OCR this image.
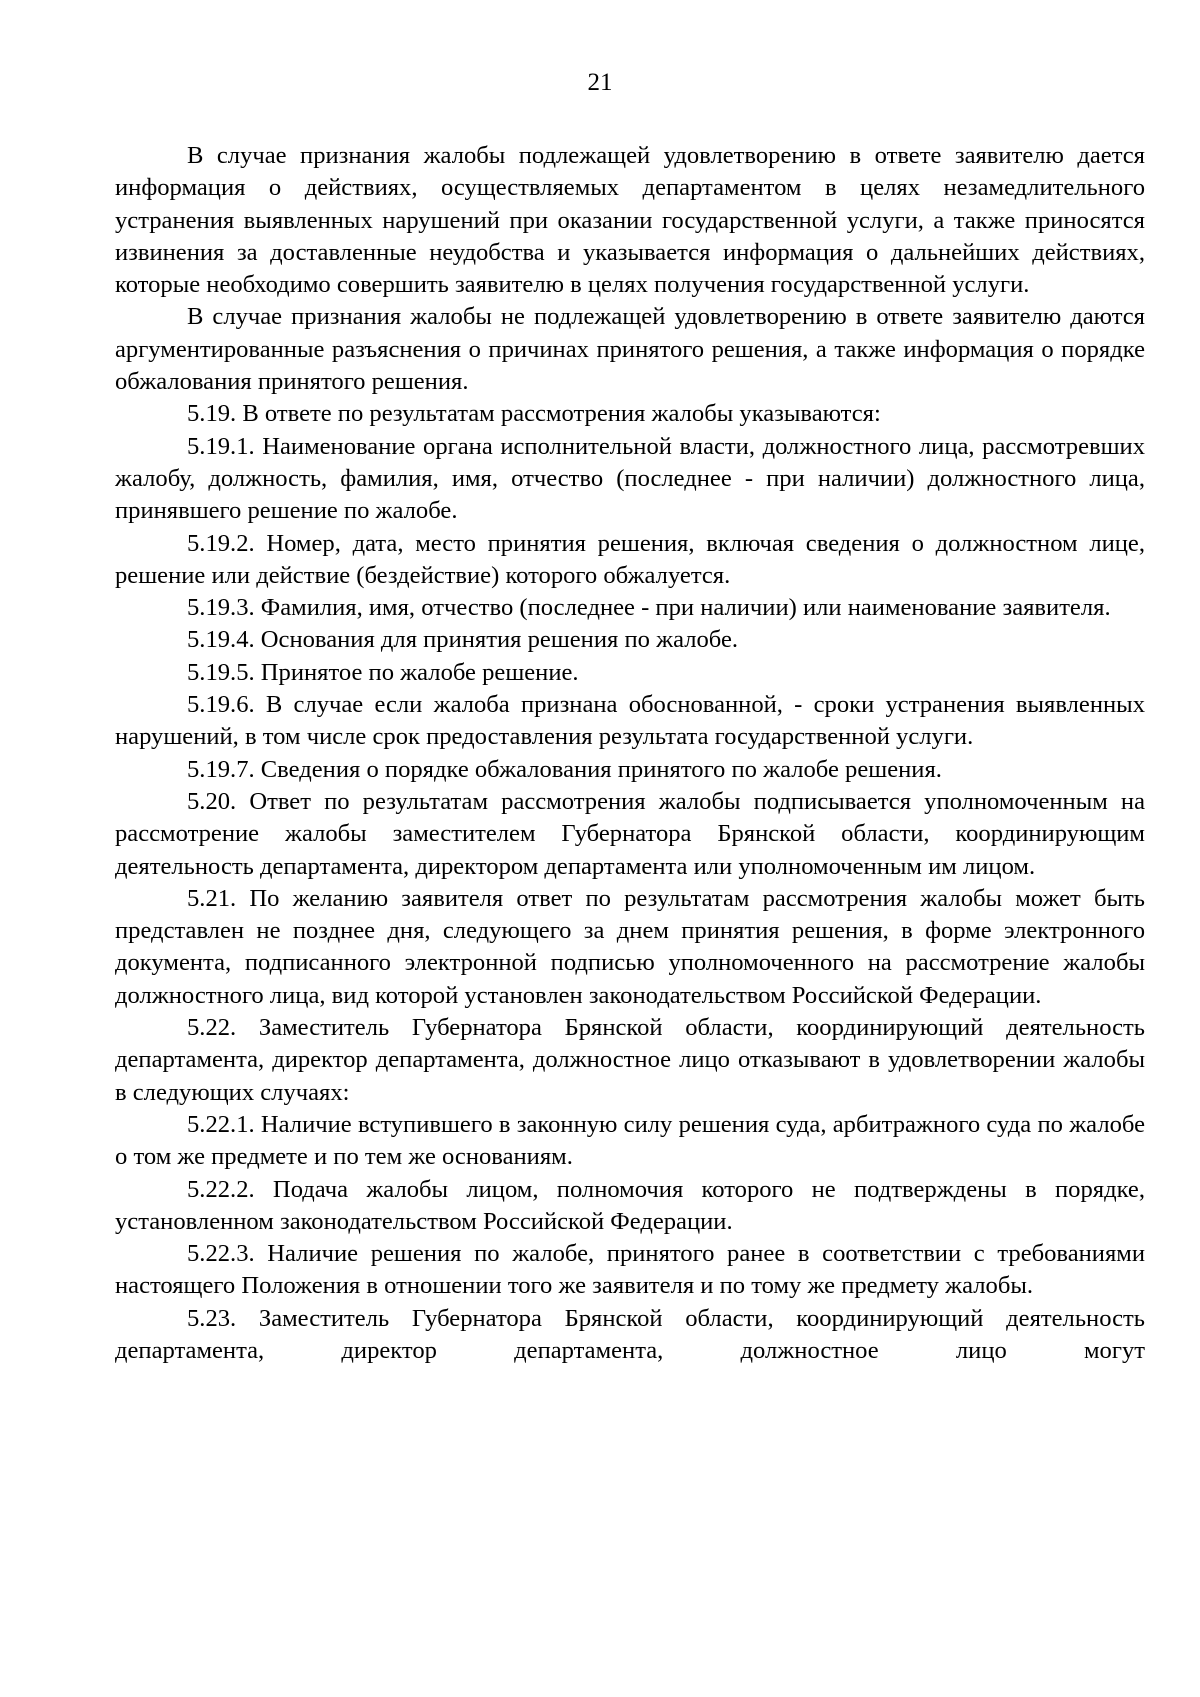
21

В случае признания жалобы подлежащей удовлетворению в ответе заявителю дается информация о действиях, осуществляемых департаментом в целях незамедлительного устранения выявленных нарушений при оказании государственной услуги, а также приносятся извинения за доставленные неудобства и указывается информация о дальнейших действиях, которые необходимо совершить заявителю в целях получения государственной услуги.

В случае признания жалобы не подлежащей удовлетворению в ответе заявителю даются аргументированные разъяснения о причинах принятого решения, а также информация о порядке обжалования принятого решения.

5.19. В ответе по результатам рассмотрения жалобы указываются:

5.19.1. Наименование органа исполнительной власти, должностного лица, рассмотревших жалобу, должность, фамилия, имя, отчество (последнее - при наличии) должностного лица, принявшего решение по жалобе.

5.19.2. Номер, дата, место принятия решения, включая сведения о должностном лице, решение или действие (бездействие) которого обжалуется.

5.19.3. Фамилия, имя, отчество (последнее - при наличии) или наименование заявителя.

5.19.4. Основания для принятия решения по жалобе.

5.19.5. Принятое по жалобе решение.

5.19.6. В случае если жалоба признана обоснованной, - сроки устранения выявленных нарушений, в том числе срок предоставления результата государственной услуги.

5.19.7. Сведения о порядке обжалования принятого по жалобе решения.

5.20. Ответ по результатам рассмотрения жалобы подписывается уполномоченным на рассмотрение жалобы заместителем Губернатора Брянской области, координирующим деятельность департамента, директором департамента или уполномоченным им лицом.

5.21. По желанию заявителя ответ по результатам рассмотрения жалобы может быть представлен не позднее дня, следующего за днем принятия решения, в форме электронного документа, подписанного электронной подписью уполномоченного на рассмотрение жалобы должностного лица, вид которой установлен законодательством Российской Федерации.

5.22. Заместитель Губернатора Брянской области, координирующий деятельность департамента, директор департамента, должностное лицо отказывают в удовлетворении жалобы в следующих случаях:

5.22.1. Наличие вступившего в законную силу решения суда, арбитражного суда по жалобе о том же предмете и по тем же основаниям.

5.22.2. Подача жалобы лицом, полномочия которого не подтверждены в порядке, установленном законодательством Российской Федерации.

5.22.3. Наличие решения по жалобе, принятого ранее в соответствии с требованиями настоящего Положения в отношении того же заявителя и по тому же предмету жалобы.

5.23. Заместитель Губернатора Брянской области, координирующий деятельность департамента, директор департамента, должностное лицо могут
